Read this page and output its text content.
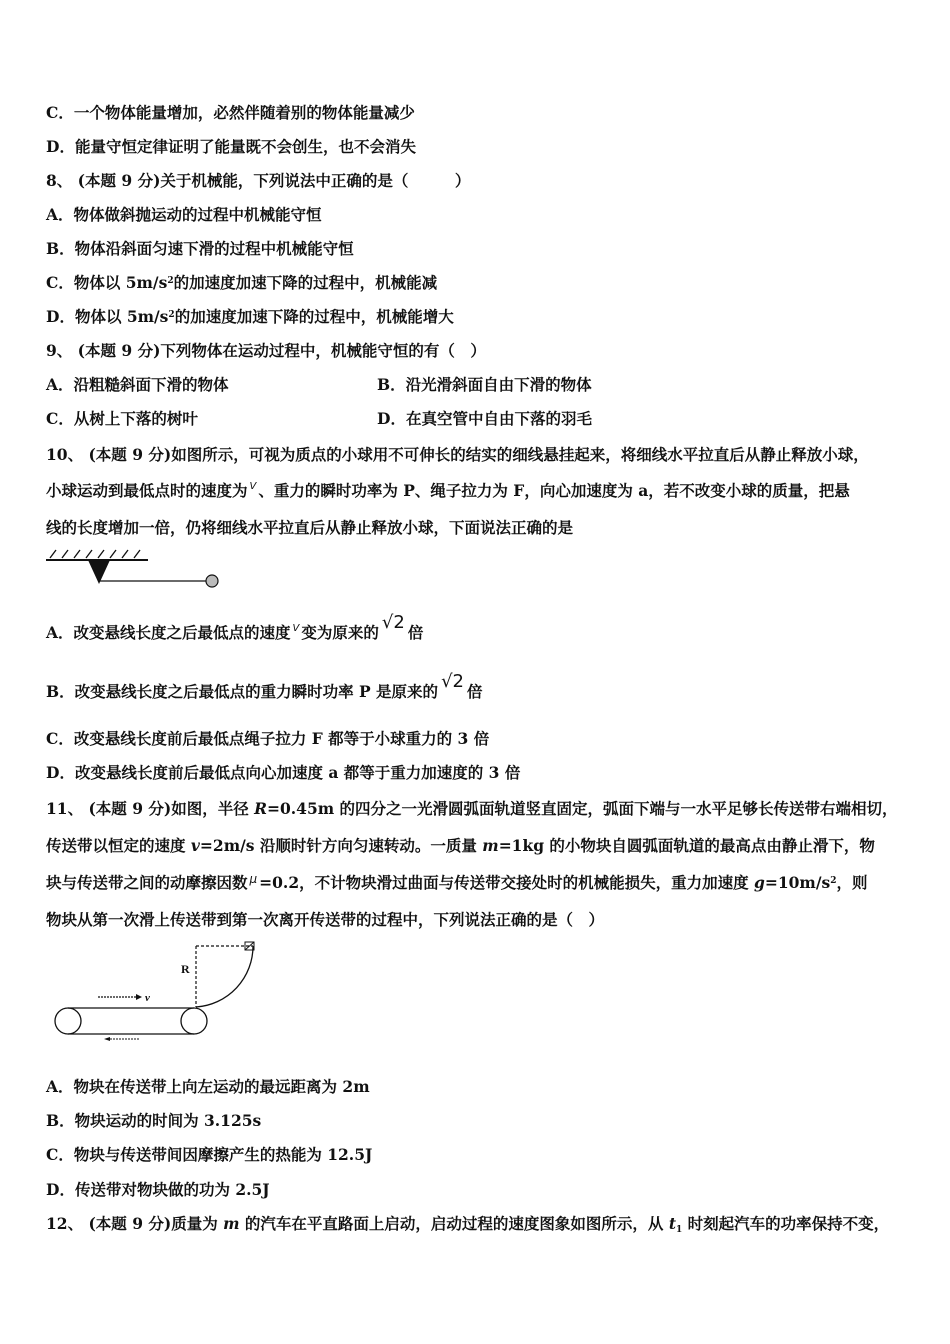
C．一个物体能量增加，必然伴随着别的物体能量减少
D．能量守恒定律证明了能量既不会创生，也不会消失
8、 (本题 9 分)关于机械能，下列说法中正确的是（　　　）
A．物体做斜抛运动的过程中机械能守恒
B．物体沿斜面匀速下滑的过程中机械能守恒
C．物体以 $5m/s^2$的加速度加速下降的过程中，机械能减
D．物体以 $5m/s^2$的加速度加速下降的过程中，机械能增大
9、 (本题 9 分)下列物体在运动过程中，机械能守恒的有（　）
A．沿粗糙斜面下滑的物体	B．沿光滑斜面自由下滑的物体
C．从树上下落的树叶	D．在真空管中自由下落的羽毛
10、 (本题 9 分)如图所示，可视为质点的小球用不可伸长的结实的细线悬挂起来，将细线水平拉直后从静止释放小球，
小球运动到最低点时的速度为 $^V$ 、重力的瞬时功率为 P、绳子拉力为 F，向心加速度为 a，若不改变小球的质量，把悬
线的长度增加一倍，仍将细线水平拉直后从静止释放小球，下面说法正确的是
A．改变悬线长度之后最低点的速度 $^V$ 变为原来的 √2 倍
B．改变悬线长度之后最低点的重力瞬时功率 P 是原来的 √2 倍
C．改变悬线长度前后最低点绳子拉力 F 都等于小球重力的 3 倍
D．改变悬线长度前后最低点向心加速度 a 都等于重力加速度的 3 倍
11、 (本题 9 分)如图，半径 R=0.45m 的四分之一光滑圆弧面轨道竖直固定，弧面下端与一水平足够长传送带右端相切，
传送带以恒定的速度 v=2m/s 沿顺时针方向匀速转动。一质量 m=1kg 的小物块自圆弧面轨道的最高点由静止滑下，物
块与传送带之间的动摩擦因数 $^\mu$ =0.2，不计物块滑过曲面与传送带交接处时的机械能损失，重力加速度 $g=10m/s^2$，则
物块从第一次滑上传送带到第一次离开传送带的过程中，下列说法正确的是（　）
R
v
A．物块在传送带上向左运动的最远距离为 2m
B．物块运动的时间为 3.125s
C．物块与传送带间因摩擦产生的热能为 12.5J
D．传送带对物块做的功为 2.5J
12、 (本题 9 分)质量为 m 的汽车在平直路面上启动，启动过程的速度图象如图所示，从 t1 时刻起汽车的功率保持不变，
